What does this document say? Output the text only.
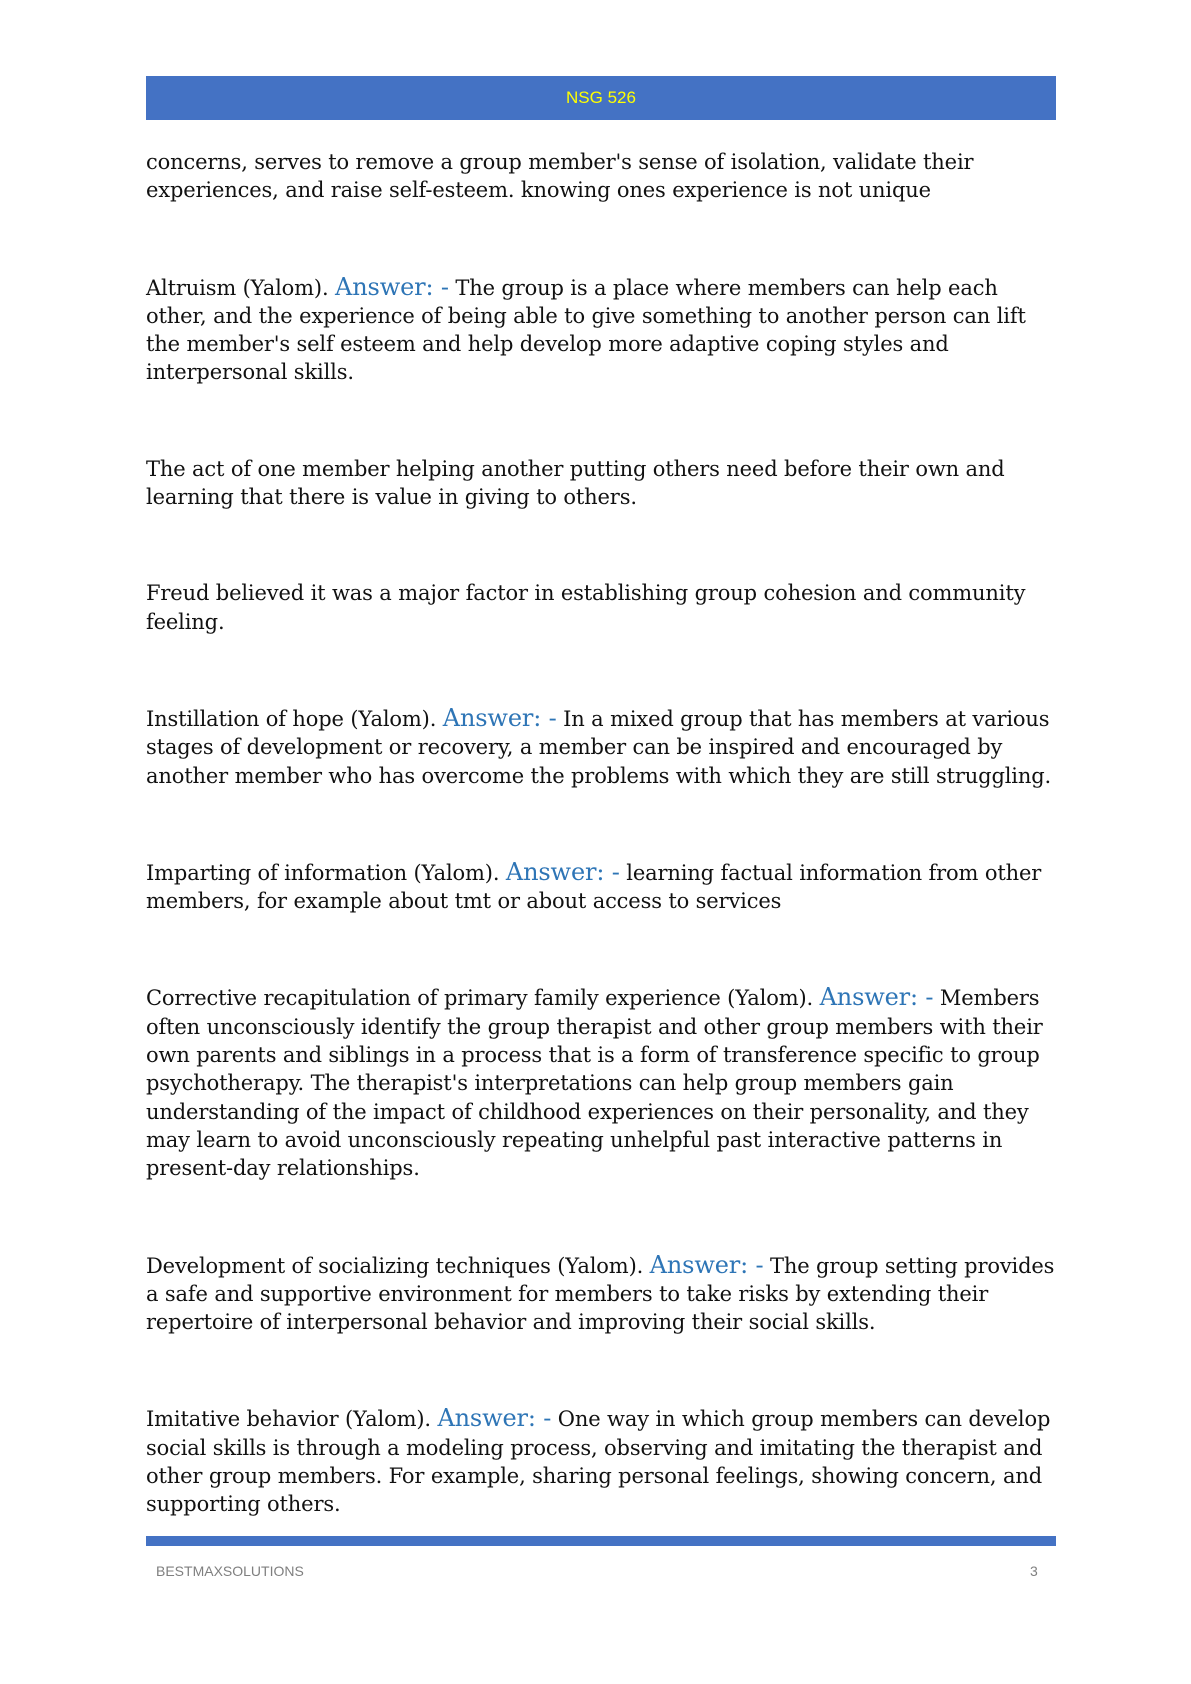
NSG 526

concerns, serves to remove a group member's sense of isolation, validate their experiences, and raise self-esteem. knowing ones experience is not unique

Altruism (Yalom). Answer: - The group is a place where members can help each other, and the experience of being able to give something to another person can lift the member's self esteem and help develop more adaptive coping styles and interpersonal skills.

The act of one member helping another putting others need before their own and learning that there is value in giving to others.

Freud believed it was a major factor in establishing group cohesion and community feeling.

Instillation of hope (Yalom). Answer: - In a mixed group that has members at various stages of development or recovery, a member can be inspired and encouraged by another member who has overcome the problems with which they are still struggling.

Imparting of information (Yalom). Answer: - learning factual information from other members, for example about tmt or about access to services

Corrective recapitulation of primary family experience (Yalom). Answer: - Members often unconsciously identify the group therapist and other group members with their own parents and siblings in a process that is a form of transference specific to group psychotherapy. The therapist's interpretations can help group members gain understanding of the impact of childhood experiences on their personality, and they may learn to avoid unconsciously repeating unhelpful past interactive patterns in present-day relationships.

Development of socializing techniques (Yalom). Answer: - The group setting provides a safe and supportive environment for members to take risks by extending their repertoire of interpersonal behavior and improving their social skills.

Imitative behavior (Yalom). Answer: - One way in which group members can develop social skills is through a modeling process, observing and imitating the therapist and other group members. For example, sharing personal feelings, showing concern, and supporting others.

BESTMAXSOLUTIONS	3
